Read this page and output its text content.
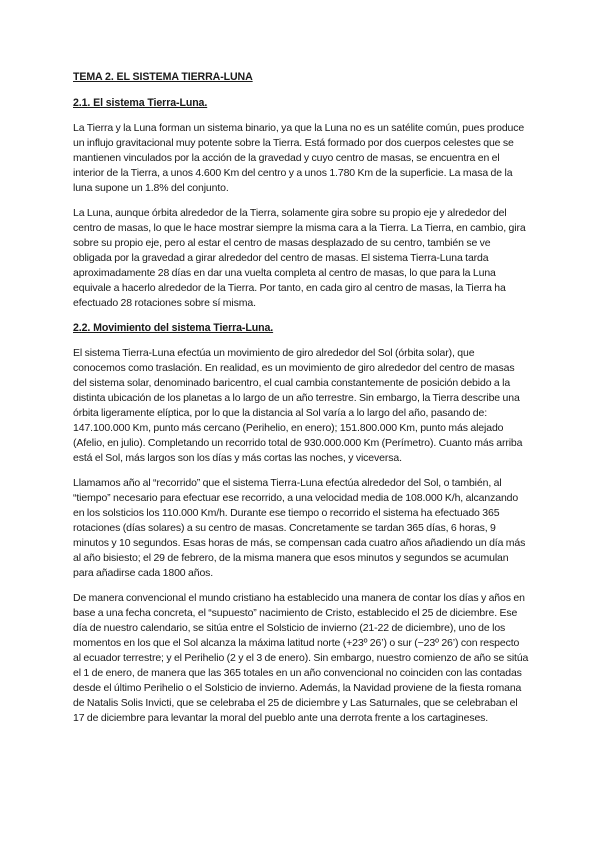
TEMA 2. EL SISTEMA TIERRA-LUNA
2.1. El sistema Tierra-Luna.

La Tierra y la Luna forman un sistema binario, ya que la Luna no es un satélite común, pues produce un influjo gravitacional muy potente sobre la Tierra. Está formado por dos cuerpos celestes que se mantienen vinculados por la acción de la gravedad y cuyo centro de masas, se encuentra en el interior de la Tierra, a unos 4.600 Km del centro y a unos 1.780 Km de la superficie. La masa de la luna supone un 1.8% del conjunto.

La Luna, aunque órbita alrededor de la Tierra, solamente gira sobre su propio eje y alrededor del centro de masas, lo que le hace mostrar siempre la misma cara a la Tierra. La Tierra, en cambio, gira sobre su propio eje, pero al estar el centro de masas desplazado de su centro, también se ve obligada por la gravedad a girar alrededor del centro de masas. El sistema Tierra-Luna tarda aproximadamente 28 días en dar una vuelta completa al centro de masas, lo que para la Luna equivale a hacerlo alrededor de la Tierra. Por tanto, en cada giro al centro de masas, la Tierra ha efectuado 28 rotaciones sobre sí misma.

2.2. Movimiento del sistema Tierra-Luna.

El sistema Tierra-Luna efectúa un movimiento de giro alrededor del Sol (órbita solar), que conocemos como traslación. En realidad, es un movimiento de giro alrededor del centro de masas del sistema solar, denominado baricentro, el cual cambia constantemente de posición debido a la distinta ubicación de los planetas a lo largo de un año terrestre. Sin embargo, la Tierra describe una órbita ligeramente elíptica, por lo que la distancia al Sol varía a lo largo del año, pasando de: 147.100.000 Km, punto más cercano (Perihelio, en enero); 151.800.000 Km, punto más alejado (Afelio, en julio). Completando un recorrido total de 930.000.000 Km (Perímetro). Cuanto más arriba está el Sol, más largos son los días y más cortas las noches, y viceversa.

Llamamos año al “recorrido” que el sistema Tierra-Luna efectúa alrededor del Sol, o también, al “tiempo” necesario para efectuar ese recorrido, a una velocidad media de 108.000 K/h, alcanzando en los solsticios los 110.000 Km/h. Durante ese tiempo o recorrido el sistema ha efectuado 365 rotaciones (días solares) a su centro de masas. Concretamente se tardan 365 días, 6 horas, 9 minutos y 10 segundos. Esas horas de más, se compensan cada cuatro años añadiendo un día más al año bisiesto; el 29 de febrero, de la misma manera que esos minutos y segundos se acumulan para añadirse cada 1800 años.

De manera convencional el mundo cristiano ha establecido una manera de contar los días y años en base a una fecha concreta, el “supuesto” nacimiento de Cristo, establecido el 25 de diciembre. Ese día de nuestro calendario, se sitúa entre el Solsticio de invierno (21-22 de diciembre), uno de los momentos en los que el Sol alcanza la máxima latitud norte (+23º 26’) o sur (−23º 26’) con respecto al ecuador terrestre; y el Perihelio (2 y el 3 de enero). Sin embargo, nuestro comienzo de año se sitúa el 1 de enero, de manera que las 365 totales en un año convencional no coinciden con las contadas desde el último Perihelio o el Solsticio de invierno. Además, la Navidad proviene de la fiesta romana de Natalis Solis Invicti, que se celebraba el 25 de diciembre y Las Saturnales, que se celebraban el 17 de diciembre para levantar la moral del pueblo ante una derrota frente a los cartagineses.
